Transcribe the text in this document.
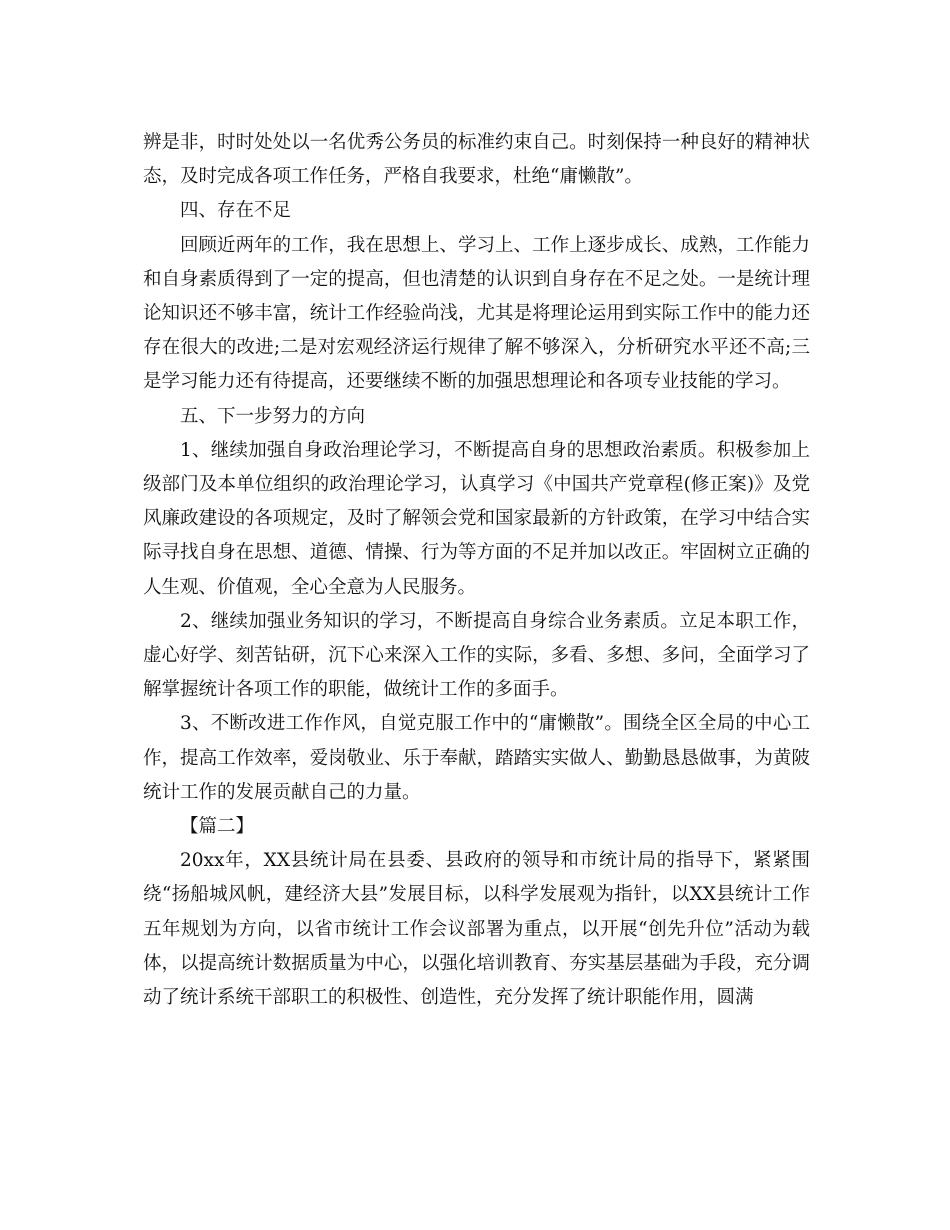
辨是非，时时处处以一名优秀公务员的标准约束自己。时刻保持一种良好的精神状态，及时完成各项工作任务，严格自我要求，杜绝“庸懒散”。

四、存在不足

回顾近两年的工作，我在思想上、学习上、工作上逐步成长、成熟，工作能力和自身素质得到了一定的提高，但也清楚的认识到自身存在不足之处。一是统计理论知识还不够丰富，统计工作经验尚浅，尤其是将理论运用到实际工作中的能力还存在很大的改进;二是对宏观经济运行规律了解不够深入，分析研究水平还不高;三是学习能力还有待提高，还要继续不断的加强思想理论和各项专业技能的学习。

五、下一步努力的方向

1、继续加强自身政治理论学习，不断提高自身的思想政治素质。积极参加上级部门及本单位组织的政治理论学习，认真学习《中国共产党章程(修正案)》及党风廉政建设的各项规定，及时了解领会党和国家最新的方针政策，在学习中结合实际寻找自身在思想、道德、情操、行为等方面的不足并加以改正。牢固树立正确的人生观、价值观，全心全意为人民服务。

2、继续加强业务知识的学习，不断提高自身综合业务素质。立足本职工作，虚心好学、刻苦钻研，沉下心来深入工作的实际，多看、多想、多问，全面学习了解掌握统计各项工作的职能，做统计工作的多面手。

3、不断改进工作作风，自觉克服工作中的“庸懒散”。围绕全区全局的中心工作，提高工作效率，爱岗敬业、乐于奉献，踏踏实实做人、勤勤恳恳做事，为黄陂统计工作的发展贡献自己的力量。

【篇二】

20xx年，XX县统计局在县委、县政府的领导和市统计局的指导下，紧紧围绕“扬船城风帆，建经济大县”发展目标，以科学发展观为指针，以XX县统计工作五年规划为方向，以省市统计工作会议部署为重点，以开展“创先升位”活动为载体，以提高统计数据质量为中心，以强化培训教育、夯实基层基础为手段，充分调动了统计系统干部职工的积极性、创造性，充分发挥了统计职能作用，圆满
